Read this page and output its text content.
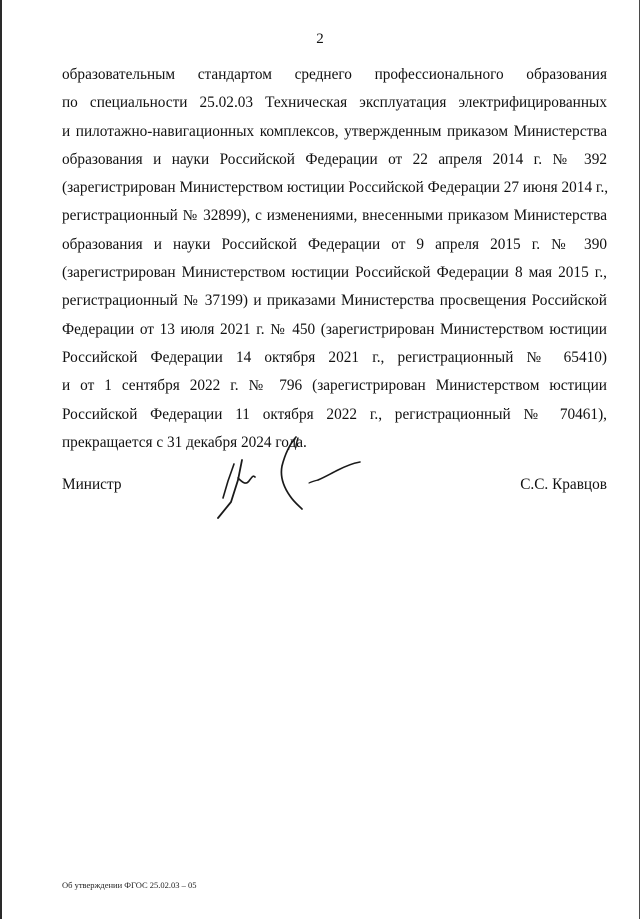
2
образовательным стандартом среднего профессионального образования
по специальности 25.02.03 Техническая эксплуатация электрифицированных
и пилотажно-навигационных комплексов, утвержденным приказом Министерства
образования и науки Российской Федерации от 22 апреля 2014 г. № 392
(зарегистрирован Министерством юстиции Российской Федерации 27 июня 2014 г.,
регистрационный № 32899), с изменениями, внесенными приказом Министерства
образования и науки Российской Федерации от 9 апреля 2015 г. № 390
(зарегистрирован Министерством юстиции Российской Федерации 8 мая 2015 г.,
регистрационный № 37199) и приказами Министерства просвещения Российской
Федерации от 13 июля 2021 г. № 450 (зарегистрирован Министерством юстиции
Российской Федерации 14 октября 2021 г., регистрационный № 65410)
и от 1 сентября 2022 г. № 796 (зарегистрирован Министерством юстиции
Российской Федерации 11 октября 2022 г., регистрационный № 70461),
прекращается с 31 декабря 2024 года.
Министр	С.С. Кравцов
Об утверждении ФГОС 25.02.03 – 05
